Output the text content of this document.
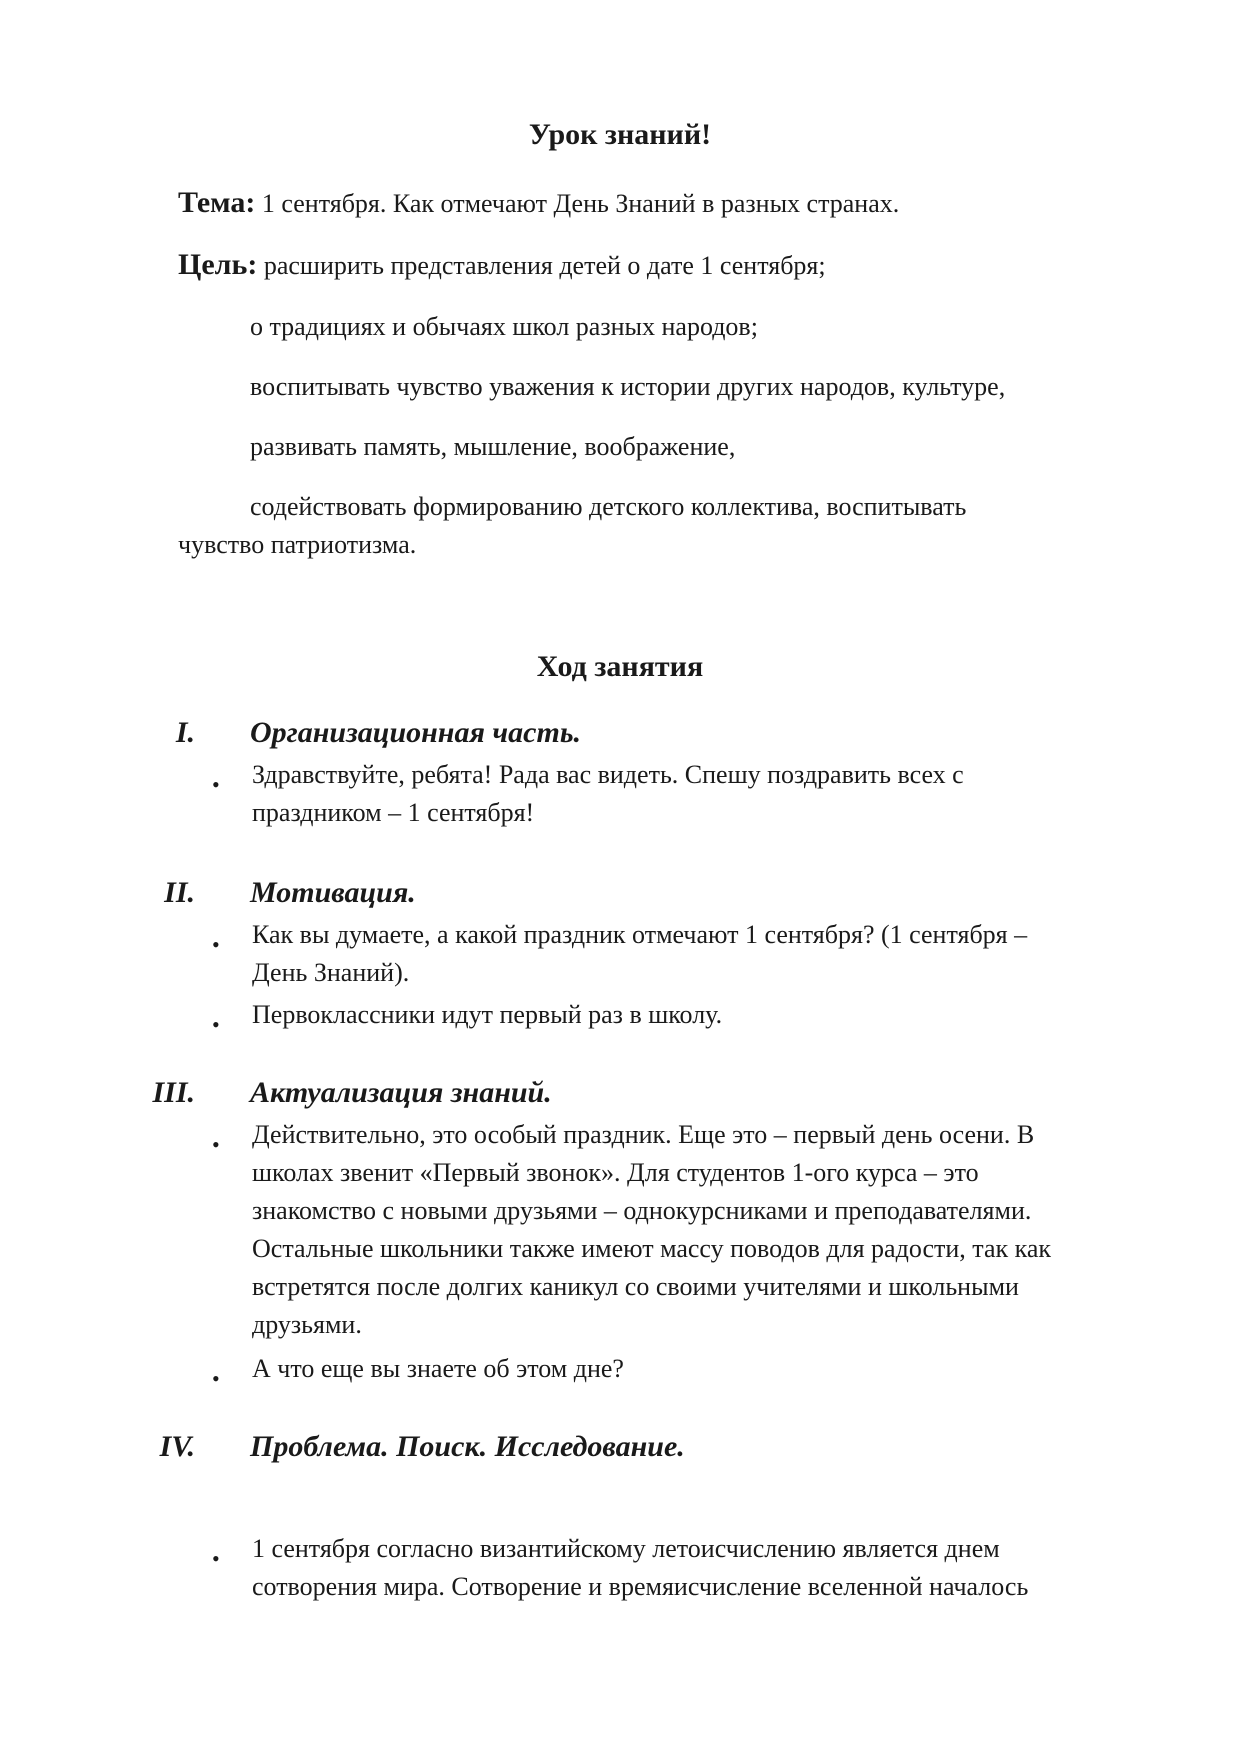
Урок знаний!

Тема: 1 сентября. Как отмечают День Знаний в разных странах.

Цель: расширить представления детей о дате 1 сентября;

о традициях и обычаях школ разных народов;

воспитывать чувство уважения к истории других народов, культуре,

развивать память, мышление, воображение,

содействовать формированию детского коллектива, воспитывать

чувство патриотизма.

Ход занятия
I. Организационная часть.
• Здравствуйте, ребята! Рада вас видеть. Спешу поздравить всех с
праздником – 1 сентября!
II. Мотивация.
• Как вы думаете, а какой праздник отмечают 1 сентября? (1 сентября –
День Знаний).
• Первоклассники идут первый раз в школу.
III. Актуализация знаний.
• Действительно, это особый праздник. Еще это – первый день осени. В
школах звенит «Первый звонок». Для студентов 1-ого курса – это
знакомство с новыми друзьями – однокурсниками и преподавателями.
Остальные школьники также имеют массу поводов для радости, так как
встретятся после долгих каникул со своими учителями и школьными
друзьями.
• А что еще вы знаете об этом дне?
IV. Проблема. Поиск. Исследование.
• 1 сентября согласно византийскому летоисчислению является днем
сотворения мира. Сотворение и времяисчисление вселенной началось
